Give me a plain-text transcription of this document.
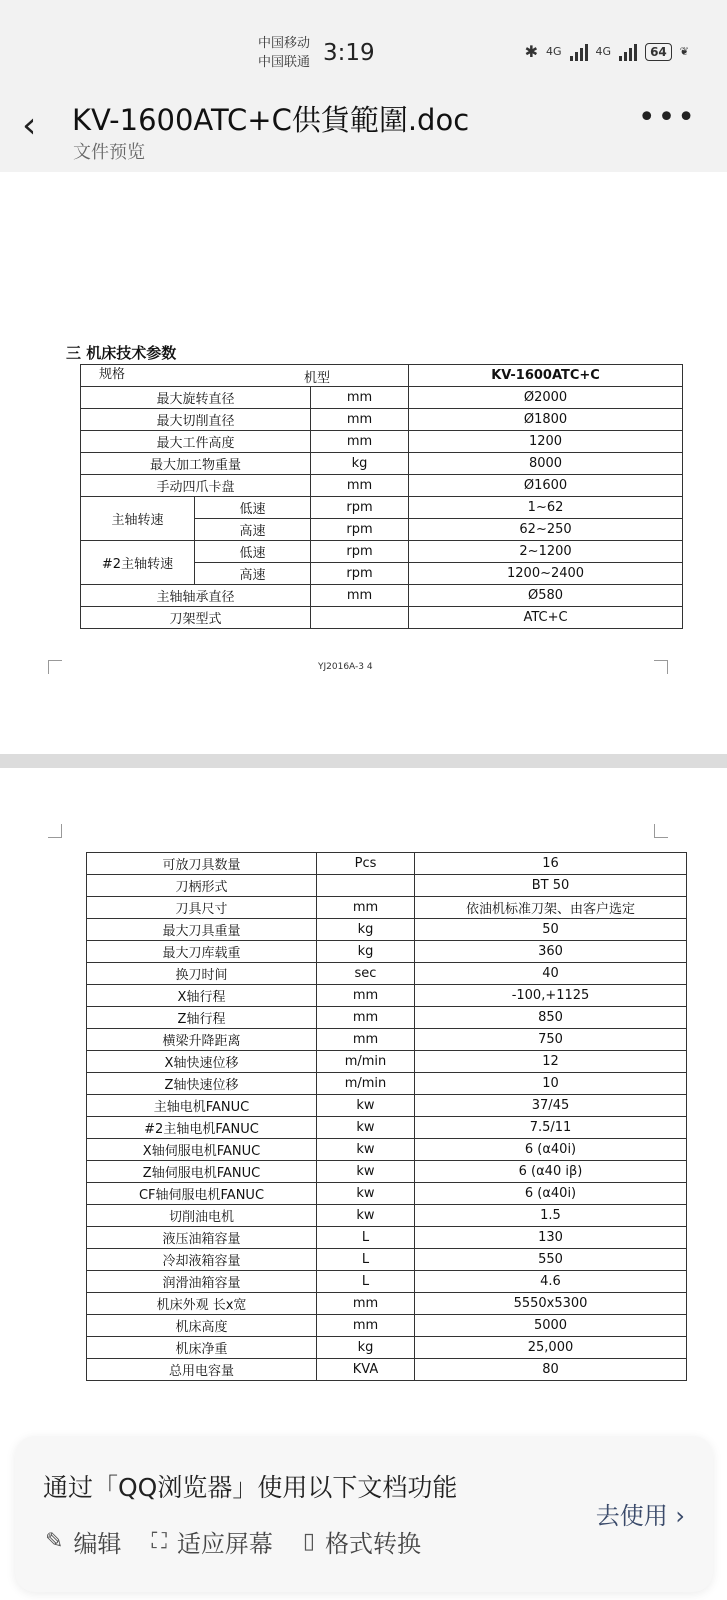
中国移动
中国联通 3:19	✱ 4G	4G	64	❦
‹ KV-1600ATC+C供貨範圍.doc
文件预览
•••
三 机床技术参数
机型
规格			KV-1600ATC+C
最大旋转直径		mm	Ø2000
最大切削直径		mm	Ø1800
最大工件高度		mm	1200
最大加工物重量		kg	8000
手动四爪卡盘		mm	Ø1600
主轴转速	低速	rpm	1~62
	高速	rpm	62~250
#2主轴转速	低速	rpm	2~1200
	高速	rpm	1200~2400
主轴轴承直径		mm	Ø580
刀架型式			ATC+C
YJ2016A-3 4
可放刀具数量	Pcs	16
刀柄形式		BT 50
刀具尺寸	mm	依油机标准刀架、由客户选定
最大刀具重量	kg	50
最大刀库载重	kg	360
换刀时间	sec	40
X轴行程	mm	-100,+1125
Z轴行程	mm	850
横梁升降距离	mm	750
X轴快速位移	m/min	12
Z轴快速位移	m/min	10
主轴电机FANUC	kw	37/45
#2主轴电机FANUC	kw	7.5/11
X轴伺服电机FANUC	kw	6 (α40i)
Z轴伺服电机FANUC	kw	6 (α40 iβ)
CF轴伺服电机FANUC	kw	6 (α40i)
切削油电机	kw	1.5
液压油箱容量	L	130
冷却液箱容量	L	550
润滑油箱容量	L	4.6
机床外观 长x宽	mm	5550x5300
机床高度	mm	5000
机床净重	kg	25,000
总用电容量	KVA	80
通过「QQ浏览器」使用以下文档功能
✎ 编辑 ⛶ 适应屏幕 ▯ 格式转换
去使用 ›
